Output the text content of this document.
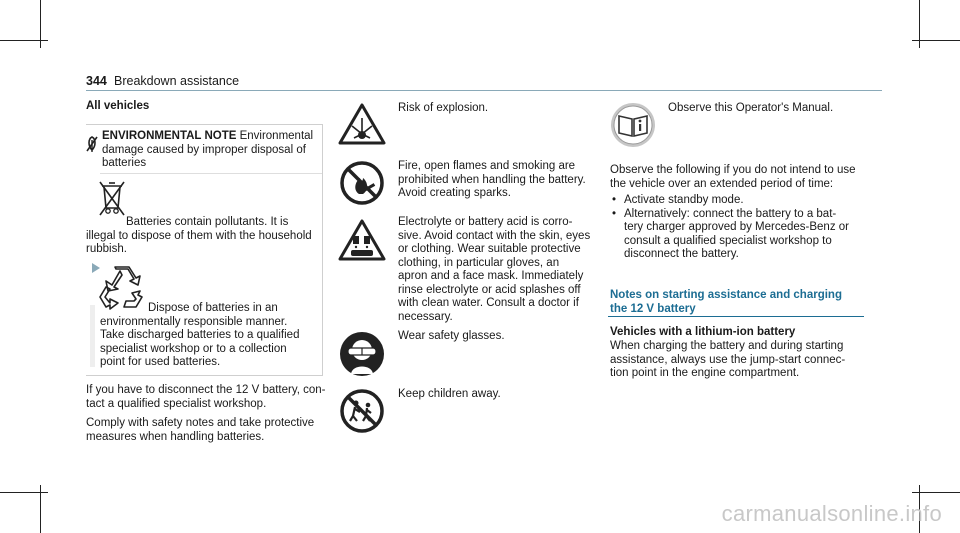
344 Breakdown assistance
All vehicles
ENVIRONMENTAL NOTE Environmental
damage caused by improper disposal of
batteries
Batteries contain pollutants. It is
illegal to dispose of them with the household
rubbish.
Dispose of batteries in an
environmentally responsible manner.
Take discharged batteries to a qualified
specialist workshop or to a collection
point for used batteries.
If you have to disconnect the 12 V battery, con-
tact a qualified specialist workshop.
Comply with safety notes and take protective
measures when handling batteries.
Risk of explosion.
Fire, open flames and smoking are
prohibited when handling the battery.
Avoid creating sparks.
Electrolyte or battery acid is corro-
sive. Avoid contact with the skin, eyes
or clothing. Wear suitable protective
clothing, in particular gloves, an
apron and a face mask. Immediately
rinse electrolyte or acid splashes off
with clean water. Consult a doctor if
necessary.
Wear safety glasses.
Keep children away.
Observe this Operator's Manual.
Observe the following if you do not intend to use
the vehicle over an extended period of time:
• Activate standby mode.
• Alternatively: connect the battery to a bat-
tery charger approved by Mercedes-Benz or
consult a qualified specialist workshop to
disconnect the battery.
Notes on starting assistance and charging
the 12 V battery
Vehicles with a lithium-ion battery
When charging the battery and during starting
assistance, always use the jump-start connec-
tion point in the engine compartment.
carmanualsonline.info
